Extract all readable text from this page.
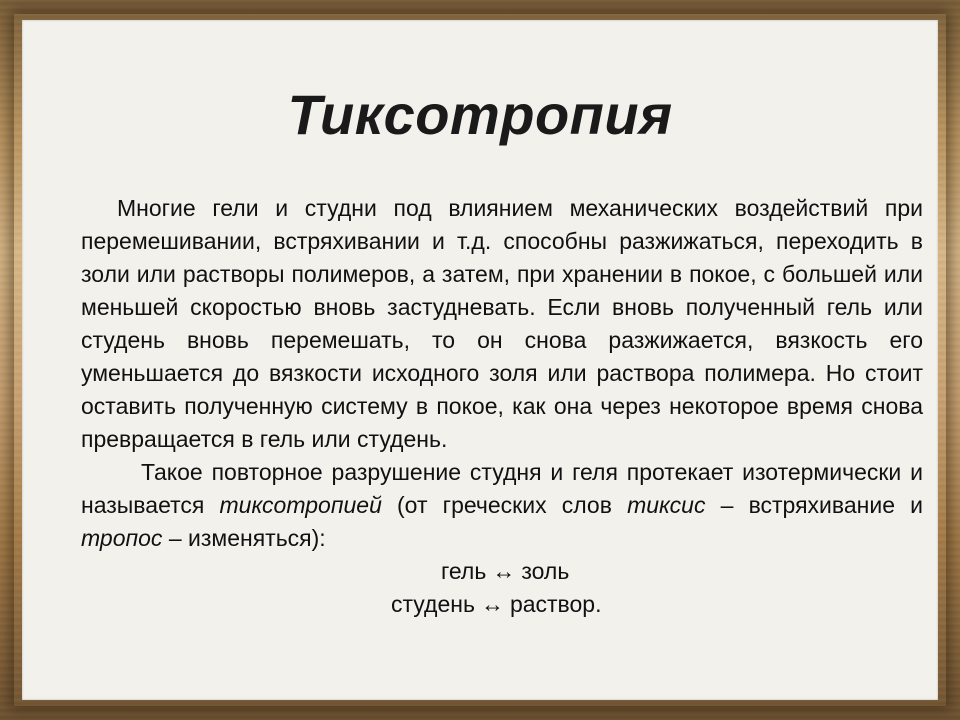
Тиксотропия

Многие гели и студни под влиянием механических воздействий при перемешивании, встряхивании и т.д. способны разжижаться, переходить в золи или растворы полимеров, а затем, при хранении в покое, с большей или меньшей скоростью вновь застудневать. Если вновь полученный гель или студень вновь перемешать, то он снова разжижается, вязкость его уменьшается до вязкости исходного золя или раствора полимера. Но стоит оставить полученную систему в покое, как она через некоторое время снова превращается в гель или студень.

Такое повторное разрушение студня и геля протекает изотермически и называется тиксотропией (от греческих слов тиксис – встряхивание и тропос – изменяться):

гель ↔ золь

студень ↔ раствор.
